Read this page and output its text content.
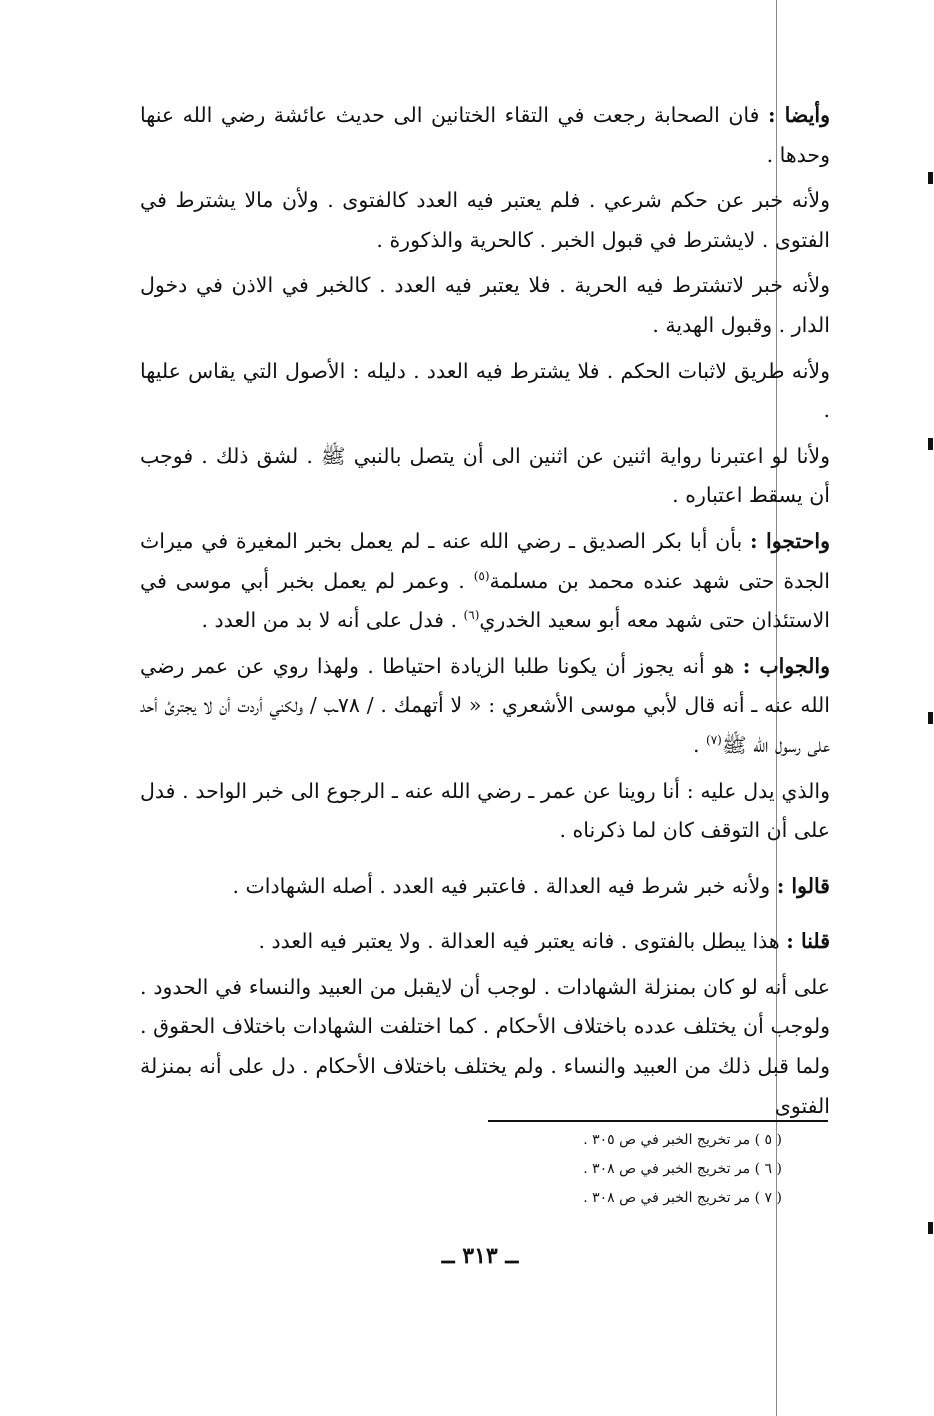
وأيضا : فان الصحابة رجعت في التقاء الختانين الى حديث عائشة رضي الله عنها وحدها .

ولأنه خبر عن حكم شرعي . فلم يعتبر فيه العدد كالفتوى . ولأن مالا يشترط في الفتوى . لايشترط في قبول الخبر . كالحرية والذكورة .

ولأنه خبر لاتشترط فيه الحرية . فلا يعتبر فيه العدد . كالخبر في الاذن في دخول الدار . وقبول الهدية .

ولأنه طريق لاثبات الحكم . فلا يشترط فيه العدد . دليله : الأصول التي يقاس عليها .

ولأنا لو اعتبرنا رواية اثنين عن اثنين الى أن يتصل بالنبي ﷺ . لشق ذلك . فوجب أن يسقط اعتباره .

واحتجوا : بأن أبا بكر الصديق ـ رضي الله عنه ـ لم يعمل بخبر المغيرة في ميراث الجدة حتى شهد عنده محمد بن مسلمة$^{(٥)}$ . وعمر لم يعمل بخبر أبي موسى في الاستئذان حتى شهد معه أبو سعيد الخدري$^{(٦)}$ . فدل على أنه لا بد من العدد .

والجواب : هو أنه يجوز أن يكونا طلبا الزيادة احتياطا . ولهذا روي عن عمر رضي الله عنه ـ أنه قال لأبي موسى الأشعري : « لا أتهمك . / ٧٨ـب / ولكني أردت أن لا يجترئ أحد على رسول الله ﷺ$^{(٧)}$ .

والذي يدل عليه : أنا روينا عن عمر ـ رضي الله عنه ـ الرجوع الى خبر الواحد . فدل على أن التوقف كان لما ذكرناه .

قالوا : ولأنه خبر شرط فيه العدالة . فاعتبر فيه العدد . أصله الشهادات .

قلنا : هذا يبطل بالفتوى . فانه يعتبر فيه العدالة . ولا يعتبر فيه العدد .

على أنه لو كان بمنزلة الشهادات . لوجب أن لايقبل من العبيد والنساء في الحدود . ولوجب أن يختلف عدده باختلاف الأحكام . كما اختلفت الشهادات باختلاف الحقوق . ولما قبل ذلك من العبيد والنساء . ولم يختلف باختلاف الأحكام . دل على أنه بمنزلة الفتوى

( ٥ ) مر تخريج الخبر في ص ٣٠٥ .

( ٦ ) مر تخريج الخبر في ص ٣٠٨ .

( ٧ ) مر تخريج الخبر في ص ٣٠٨ .

ــ ٣١٣ ــ
